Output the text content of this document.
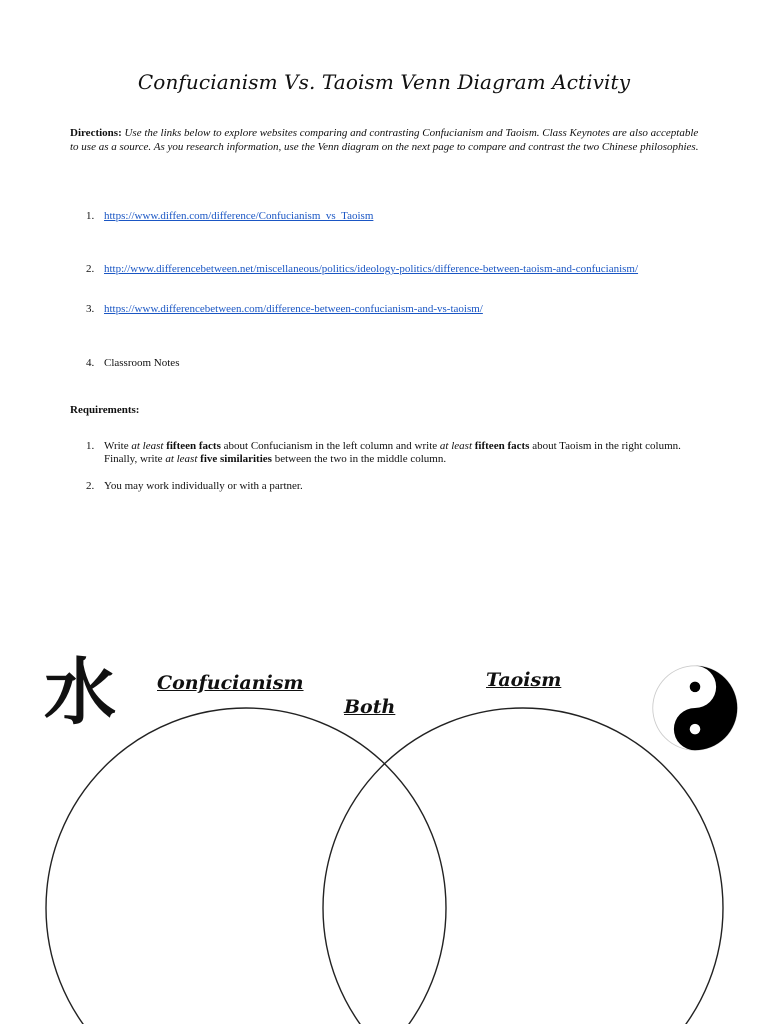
Confucianism Vs. Taoism Venn Diagram Activity
Directions: Use the links below to explore websites comparing and contrasting Confucianism and Taoism. Class Keynotes are also acceptable to use as a source. As you research information, use the Venn diagram on the next page to compare and contrast the two Chinese philosophies.
1. https://www.diffen.com/difference/Confucianism_vs_Taoism
2. http://www.differencebetween.net/miscellaneous/politics/ideology-politics/difference-between-taoism-and-confucianism/
3. https://www.differencebetween.com/difference-between-confucianism-and-vs-taoism/
4. Classroom Notes
Requirements:
1. Write at least fifteen facts about Confucianism in the left column and write at least fifteen facts about Taoism in the right column. Finally, write at least five similarities between the two in the middle column.
2. You may work individually or with a partner.
水 Confucianism
Both
Taoism
